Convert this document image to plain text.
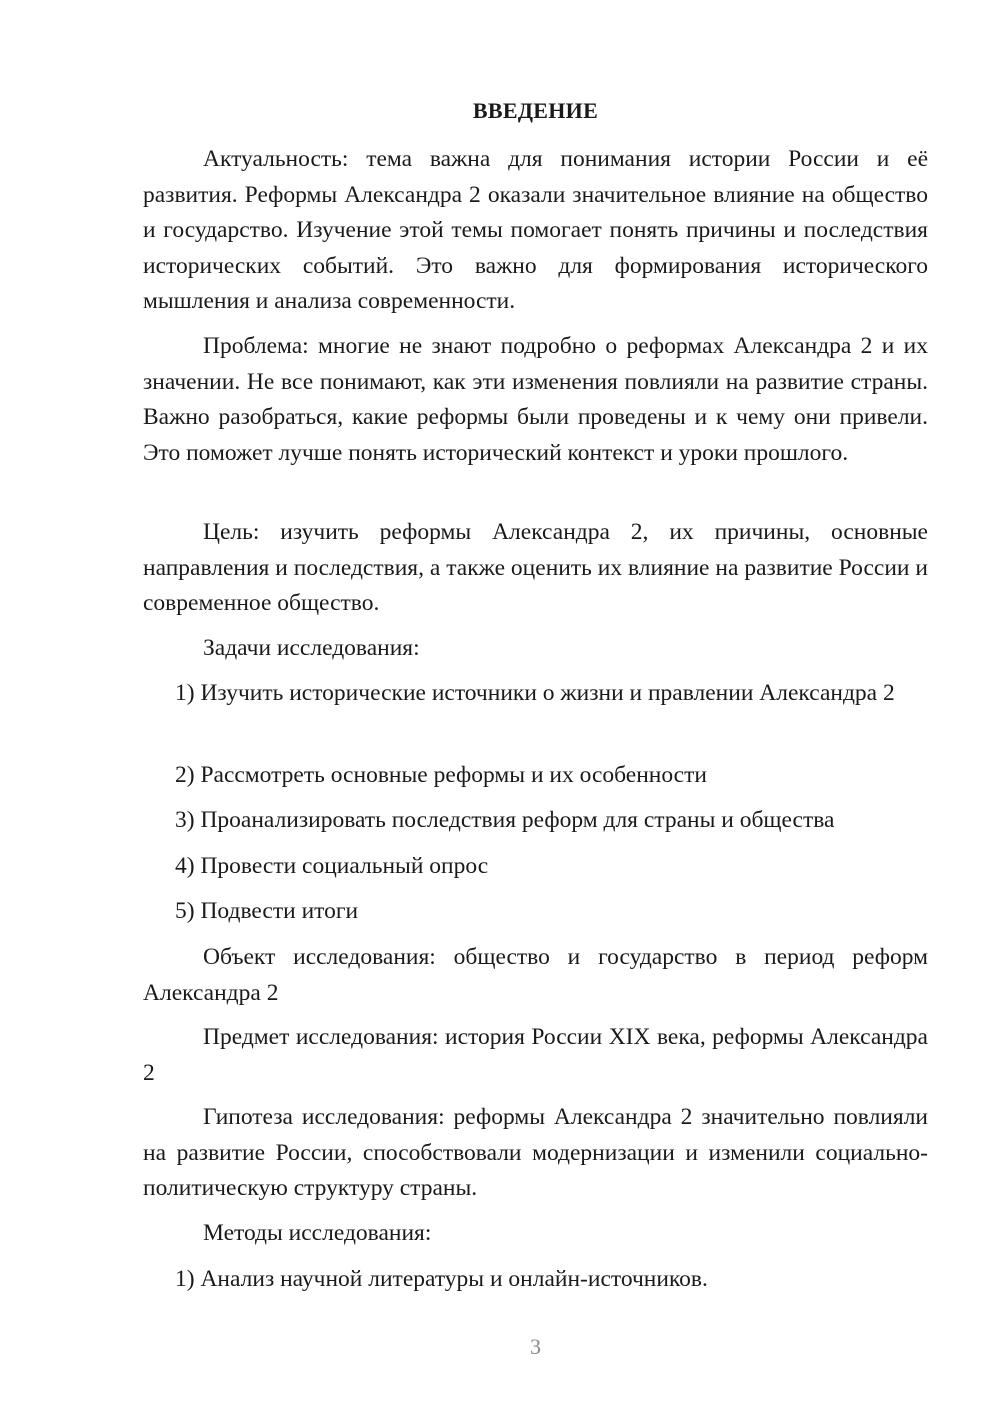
ВВЕДЕНИЕ
Актуальность: тема важна для понимания истории России и её развития. Реформы Александра 2 оказали значительное влияние на общество и государство. Изучение этой темы помогает понять причины и последствия исторических событий. Это важно для формирования исторического мышления и анализа современности.
Проблема: многие не знают подробно о реформах Александра 2 и их значении. Не все понимают, как эти изменения повлияли на развитие страны. Важно разобраться, какие реформы были проведены и к чему они привели. Это поможет лучше понять исторический контекст и уроки прошлого.
Цель: изучить реформы Александра 2, их причины, основные направления и последствия, а также оценить их влияние на развитие России и современное общество.
Задачи исследования:
1) Изучить исторические источники о жизни и правлении Александра 2
2) Рассмотреть основные реформы и их особенности
3) Проанализировать последствия реформ для страны и общества
4) Провести социальный опрос
5) Подвести итоги
Объект исследования: общество и государство в период реформ Александра 2
Предмет исследования: история России XIX века, реформы Александра 2
Гипотеза исследования: реформы Александра 2 значительно повлияли на развитие России, способствовали модернизации и изменили социально-политическую структуру страны.
Методы исследования:
1) Анализ научной литературы и онлайн-источников.
3
